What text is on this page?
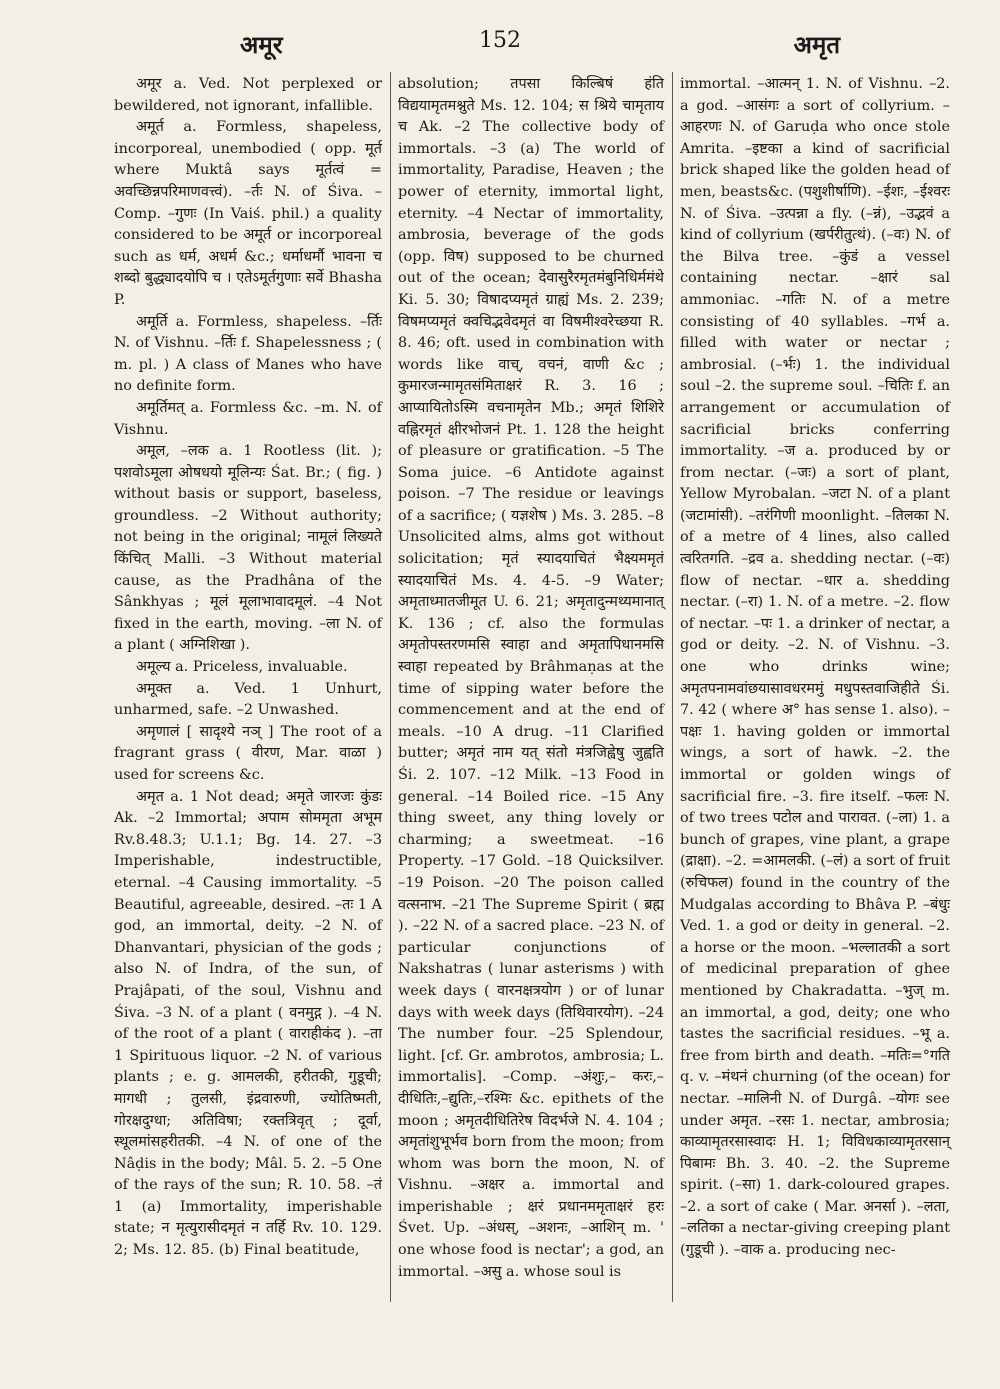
अमूर	152	अमृत

अमूर a. Ved. Not perplexed or bewildered, not ignorant, infallible.

अमूर्त a. Formless, shapeless, incorporeal, unembodied ( opp. मूर्त where Muktâ says मूर्तत्वं = अवच्छिन्नपरिमाणवत्त्वं). –र्तः N. of Śiva. –Comp. –गुणः (In Vaiś. phil.) a quality considered to be अमूर्त or incorporeal such as धर्म, अधर्म &c.; धर्माधर्मौ भावना च शब्दो बुद्ध्यादयोपि च । एतेऽमूर्तगुणाः सर्वे Bhasha P.

अमूर्ति a. Formless, shapeless. –र्तिः N. of Vishnu. –र्तिः f. Shapelessness ; ( m. pl. ) A class of Manes who have no definite form.

अमूर्तिमत् a. Formless &c. –m. N. of Vishnu.

अमूल, –लक a. 1 Rootless (lit. ); पशवोऽमूला ओषधयो मूलिन्यः Śat. Br.; ( fig. ) without basis or support, baseless, groundless. –2 Without authority; not being in the original; नामूलं लिख्यते किंचित् Malli. –3 Without material cause, as the Pradhâna of the Sânkhyas ; मूलं मूलाभावादमूलं. –4 Not fixed in the earth, moving. –ला N. of a plant ( अग्निशिखा ).

अमूल्य a. Priceless, invaluable.

अमूक्त a. Ved. 1 Unhurt, unharmed, safe. –2 Unwashed.

अमृणालं [ सादृश्ये नञ् ] The root of a fragrant grass ( वीरण, Mar. वाळा ) used for screens &c.

अमृत a. 1 Not dead; अमृते जारजः कुंडः Ak. –2 Immortal; अपाम सोममृता अभूम Rv.8.48.3; U.1.1; Bg. 14. 27. –3 Imperishable, indestructible, eternal. –4 Causing immortality. –5 Beautiful, agreeable, desired. –तः 1 A god, an immortal, deity. –2 N. of Dhanvantari, physician of the gods ; also N. of Indra, of the sun, of Prajâpati, of the soul, Vishnu and Śiva. –3 N. of a plant ( वनमुद्ग ). –4 N. of the root of a plant ( वाराहीकंद ). –ता 1 Spirituous liquor. –2 N. of various plants ; e. g. आमलकी, हरीतकी, गुडूची; मागधी ; तुलसी, इंद्रवारुणी, ज्योतिष्मती, गोरक्षदुग्धा; अतिविषा; रक्तत्रिवृत् ; दूर्वा, स्थूलमांसहरीतकी. –4 N. of one of the Nâḍis in the body; Mâl. 5. 2. –5 One of the rays of the sun; R. 10. 58. –तं 1 (a) Immortality, imperishable state; न मृत्युरासीदमृतं न तर्हि Rv. 10. 129. 2; Ms. 12. 85. (b) Final beatitude,

absolution; तपसा किल्बिषं हंति विद्ययामृतमश्नुते Ms. 12. 104; स श्रिये चामृताय च Ak. –2 The collective body of immortals. –3 (a) The world of immortality, Paradise, Heaven ; the power of eternity, immortal light, eternity. –4 Nectar of immortality, ambrosia, beverage of the gods (opp. विष) supposed to be churned out of the ocean; देवासुरैरमृतमंबुनिधिर्ममंथे Ki. 5. 30; विषादप्यमृतं ग्राह्यं Ms. 2. 239; विषमप्यमृतं क्वचिद्भवेदमृतं वा विषमीश्वरेच्छया R. 8. 46; oft. used in combination with words like वाच्, वचनं, वाणी &c ; कुमारजन्मामृतसंमिताक्षरं R. 3. 16 ; आप्यायितोऽस्मि वचनामृतेन Mb.; अमृतं शिशिरे वह्निरमृतं क्षीरभोजनं Pt. 1. 128 the height of pleasure or gratification. –5 The Soma juice. –6 Antidote against poison. –7 The residue or leavings of a sacrifice; ( यज्ञशेष ) Ms. 3. 285. –8 Unsolicited alms, alms got without solicitation; मृतं स्यादयाचितं भैक्ष्यममृतं स्यादयाचितं Ms. 4. 4-5. –9 Water; अमृताध्मातजीमूत U. 6. 21; अमृतादुन्मथ्यमानात् K. 136 ; cf. also the formulas अमृतोपस्तरणमसि स्वाहा and अमृतापिधानमसि स्वाहा repeated by Brâhmaṇas at the time of sipping water before the commencement and at the end of meals. –10 A drug. –11 Clarified butter; अमृतं नाम यत् संतो मंत्रजिह्वेषु जुह्वति Śi. 2. 107. –12 Milk. –13 Food in general. –14 Boiled rice. –15 Any thing sweet, any thing lovely or charming; a sweetmeat. –16 Property. –17 Gold. –18 Quicksilver. –19 Poison. –20 The poison called वत्सनाभ. –21 The Supreme Spirit ( ब्रह्म ). –22 N. of a sacred place. –23 N. of particular conjunctions of Nakshatras ( lunar asterisms ) with week days ( वारनक्षत्रयोग ) or of lunar days with week days (तिथिवारयोग). –24 The number four. –25 Splendour, light. [cf. Gr. ambrotos, ambrosia; L. immortalis]. –Comp. –अंशुः,– करः,–दीधितिः,–द्युतिः,–रश्मिः &c. epithets of the moon ; अमृतदीधितिरेष विदर्भजे N. 4. 104 ; अमृतांशुभूर्भव born from the moon; from whom was born the moon, N. of Vishnu. –अक्षर a. immortal and imperishable ; क्षरं प्रधानममृताक्षरं हरः Śvet. Up. –अंधस्, –अशनः, –आशिन् m. ' one whose food is nectar'; a god, an immortal. –असु a. whose soul is

immortal. –आत्मन् 1. N. of Vishnu. –2. a god. –आसंगः a sort of collyrium. –आहरणः N. of Garuḍa who once stole Amrita. –इष्टका a kind of sacrificial brick shaped like the golden head of men, beasts&c. (पशुशीर्षाणि). –ईशः, –ईश्वरः N. of Śiva. –उत्पन्ना a fly. (–न्नं), –उद्भवं a kind of collyrium (खर्परीतुत्थं). (–वः) N. of the Bilva tree. –कुंडं a vessel containing nectar. –क्षारं sal ammoniac. –गतिः N. of a metre consisting of 40 syllables. –गर्भ a. filled with water or nectar ; ambrosial. (–र्भः) 1. the individual soul –2. the supreme soul. –चितिः f. an arrangement or accumulation of sacrificial bricks conferring immortality. –ज a. produced by or from nectar. (–जः) a sort of plant, Yellow Myrobalan. –जटा N. of a plant (जटामांसी). –तरंगिणी moonlight. –तिलका N. of a metre of 4 lines, also called त्वरितगति. –द्रव a. shedding nectar. (–वः) flow of nectar. –धार a. shedding nectar. (–रा) 1. N. of a metre. –2. flow of nectar. –पः 1. a drinker of nectar, a god or deity. –2. N. of Vishnu. –3. one who drinks wine; अमृतपनामवांछयासावधरममुं मधुपस्तवाजिहीते Śi. 7. 42 ( where अ° has sense 1. also). –पक्षः 1. having golden or immortal wings, a sort of hawk. –2. the immortal or golden wings of sacrificial fire. –3. fire itself. –फलः N. of two trees पटोल and पारावत. (–ला) 1. a bunch of grapes, vine plant, a grape (द्राक्षा). –2. =आमलकी. (–लं) a sort of fruit (रुचिफल) found in the country of the Mudgalas according to Bhâva P. –बंधुः Ved. 1. a god or deity in general. –2. a horse or the moon. –भल्लातकी a sort of medicinal preparation of ghee mentioned by Chakradatta. –भुज् m. an immortal, a god, deity; one who tastes the sacrificial residues. –भू a. free from birth and death. –मतिः=°गति q. v. –मंथनं churning (of the ocean) for nectar. –मालिनी N. of Durgâ. –योगः see under अमृत. –रसः 1. nectar, ambrosia; काव्यामृतरसास्वादः H. 1; विविधकाव्यामृतरसान् पिबामः Bh. 3. 40. –2. the Supreme spirit. (–सा) 1. dark-coloured grapes. –2. a sort of cake ( Mar. अनर्सा ). –लता, –लतिका a nectar-giving creeping plant (गुडूची ). –वाक a. producing nec-
